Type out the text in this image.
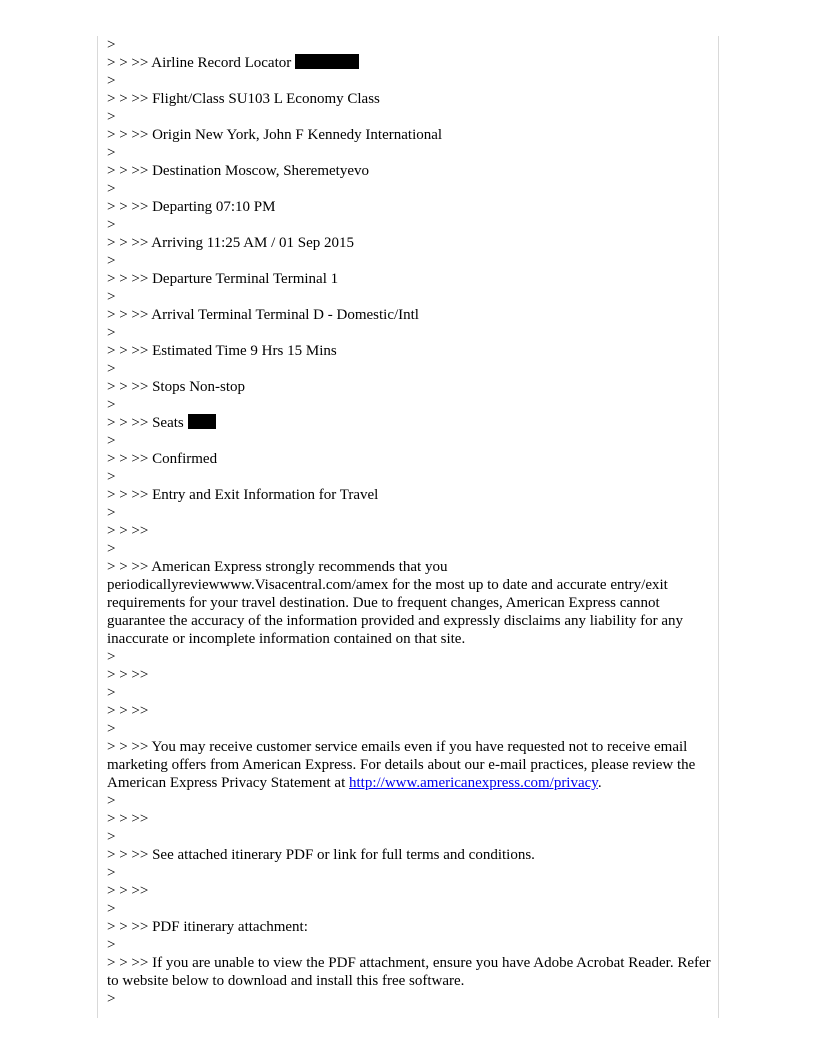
>
> > >> Airline Record Locator
>
> > >> Flight/Class SU103 L Economy Class
>
> > >> Origin New York, John F Kennedy International
>
> > >> Destination Moscow, Sheremetyevo
>
> > >> Departing 07:10 PM
>
> > >> Arriving 11:25 AM / 01 Sep 2015
>
> > >> Departure Terminal Terminal 1
>
> > >> Arrival Terminal Terminal D - Domestic/Intl
>
> > >> Estimated Time 9 Hrs 15 Mins
>
> > >> Stops Non-stop
>
> > >> Seats
>
> > >> Confirmed
>
> > >> Entry and Exit Information for Travel
>
> > >>
>
> > >> American Express strongly recommends that you periodicallyreviewwww.Visacentral.com/amex for the most up to date and accurate entry/exit requirements for your travel destination. Due to frequent changes, American Express cannot guarantee the accuracy of the information provided and expressly disclaims any liability for any inaccurate or incomplete information contained on that site.
>
> > >>
>
> > >>
>
> > >> You may receive customer service emails even if you have requested not to receive email marketing offers from American Express. For details about our e-mail practices, please review the American Express Privacy Statement at http://www.americanexpress.com/privacy.
>
> > >>
>
> > >> See attached itinerary PDF or link for full terms and conditions.
>
> > >>
>
> > >> PDF itinerary attachment:
>
> > >> If you are unable to view the PDF attachment, ensure you have Adobe Acrobat Reader. Refer to website below to download and install this free software.
>
